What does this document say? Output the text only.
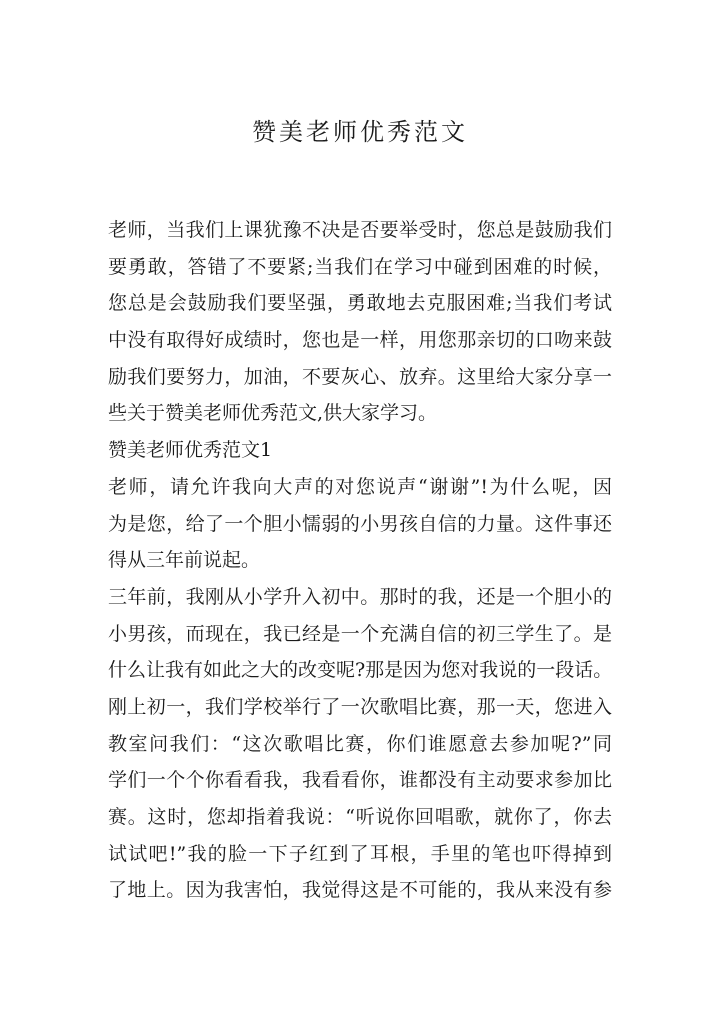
赞美老师优秀范文
老师，当我们上课犹豫不决是否要举受时，您总是鼓励我们
要勇敢，答错了不要紧;当我们在学习中碰到困难的时候，
您总是会鼓励我们要坚强，勇敢地去克服困难;当我们考试
中没有取得好成绩时，您也是一样，用您那亲切的口吻来鼓
励我们要努力，加油，不要灰心、放弃。这里给大家分享一
些关于赞美老师优秀范文,供大家学习。
赞美老师优秀范文1
老师，请允许我向大声的对您说声“谢谢”!为什么呢，因
为是您，给了一个胆小懦弱的小男孩自信的力量。这件事还
得从三年前说起。
三年前，我刚从小学升入初中。那时的我，还是一个胆小的
小男孩，而现在，我已经是一个充满自信的初三学生了。是
什么让我有如此之大的改变呢?那是因为您对我说的一段话。
刚上初一，我们学校举行了一次歌唱比赛，那一天，您进入
教室问我们：“这次歌唱比赛，你们谁愿意去参加呢?”同
学们一个个你看看我，我看看你，谁都没有主动要求参加比
赛。这时，您却指着我说：“听说你回唱歌，就你了，你去
试试吧!”我的脸一下子红到了耳根，手里的笔也吓得掉到
了地上。因为我害怕，我觉得这是不可能的，我从来没有参
